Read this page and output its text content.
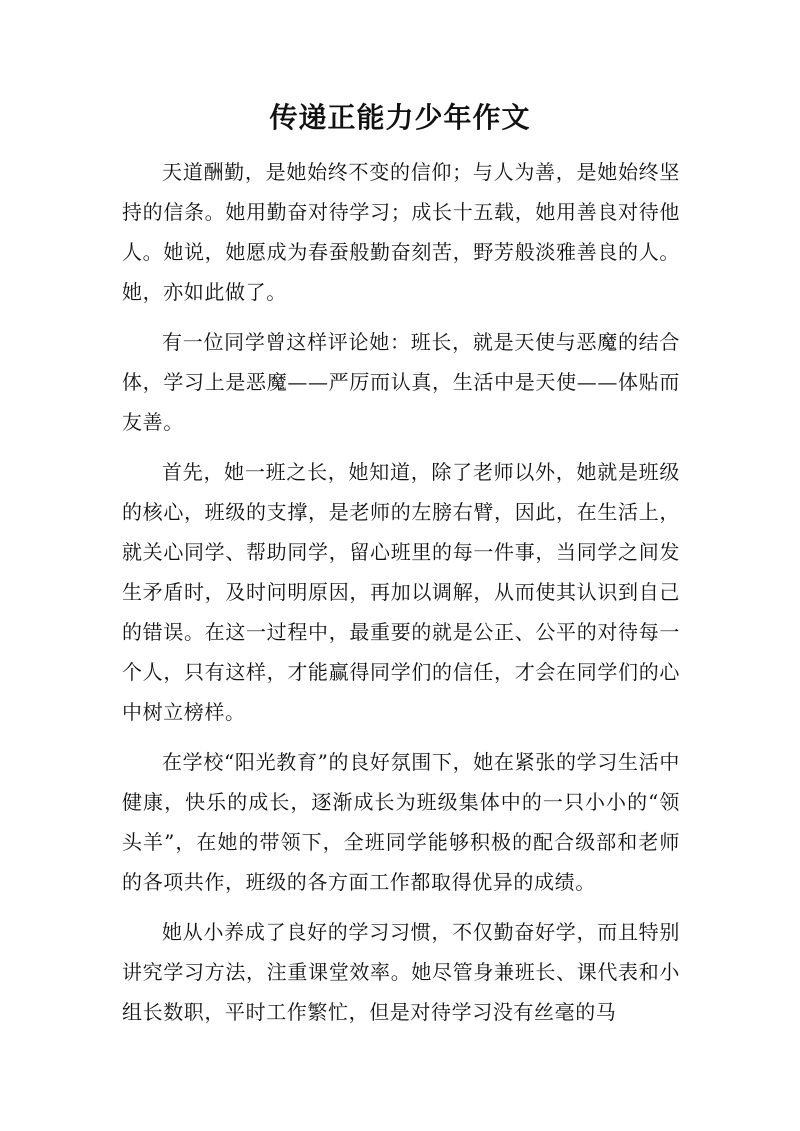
传递正能力少年作文

天道酬勤，是她始终不变的信仰；与人为善，是她始终坚持的信条。她用勤奋对待学习；成长十五载，她用善良对待他人。她说，她愿成为春蚕般勤奋刻苦，野芳般淡雅善良的人。她，亦如此做了。

有一位同学曾这样评论她：班长，就是天使与恶魔的结合体，学习上是恶魔——严厉而认真，生活中是天使——体贴而友善。

首先，她一班之长，她知道，除了老师以外，她就是班级的核心，班级的支撑，是老师的左膀右臂，因此，在生活上，就关心同学、帮助同学，留心班里的每一件事，当同学之间发生矛盾时，及时问明原因，再加以调解，从而使其认识到自己的错误。在这一过程中，最重要的就是公正、公平的对待每一个人，只有这样，才能赢得同学们的信任，才会在同学们的心中树立榜样。

在学校“阳光教育”的良好氛围下，她在紧张的学习生活中健康，快乐的成长，逐渐成长为班级集体中的一只小小的“领头羊”，在她的带领下，全班同学能够积极的配合级部和老师的各项共作，班级的各方面工作都取得优异的成绩。

她从小养成了良好的学习习惯，不仅勤奋好学，而且特别讲究学习方法，注重课堂效率。她尽管身兼班长、课代表和小组长数职，平时工作繁忙，但是对待学习没有丝毫的马
